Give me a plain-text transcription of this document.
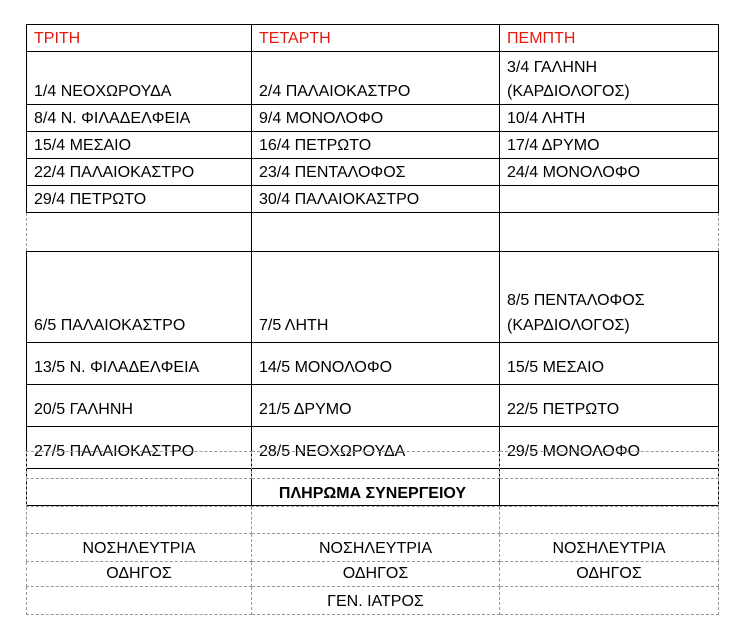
ΤΡΙΤΗ	ΤΕΤΑΡΤΗ	ΠΕΜΠΤΗ
1/4 ΝΕΟΧΩΡΟΥΔΑ	2/4 ΠΑΛΑΙΟΚΑΣΤΡΟ	3/4 ΓΑΛΗΝΗ
(ΚΑΡΔΙΟΛΟΓΟΣ)
8/4 Ν. ΦΙΛΑΔΕΛΦΕΙΑ	9/4 ΜΟΝΟΛΟΦΟ	10/4 ΛΗΤΗ
15/4 ΜΕΣΑΙΟ	16/4 ΠΕΤΡΩΤΟ	17/4 ΔΡΥΜΟ
22/4 ΠΑΛΑΙΟΚΑΣΤΡΟ	23/4 ΠΕΝΤΑΛΟΦΟΣ	24/4 ΜΟΝΟΛΟΦΟ
29/4 ΠΕΤΡΩΤΟ	30/4 ΠΑΛΑΙΟΚΑΣΤΡΟ	

6/5 ΠΑΛΑΙΟΚΑΣΤΡΟ	7/5 ΛΗΤΗ	8/5 ΠΕΝΤΑΛΟΦΟΣ
(ΚΑΡΔΙΟΛΟΓΟΣ)
13/5 Ν. ΦΙΛΑΔΕΛΦΕΙΑ	14/5 ΜΟΝΟΛΟΦΟ	15/5 ΜΕΣΑΙΟ
20/5 ΓΑΛΗΝΗ	21/5 ΔΡΥΜΟ	22/5 ΠΕΤΡΩΤΟ
27/5 ΠΑΛΑΙΟΚΑΣΤΡΟ	28/5 ΝΕΟΧΩΡΟΥΔΑ	29/5 ΜΟΝΟΛΟΦΟ

ΠΛΗΡΩΜΑ ΣΥΝΕΡΓΕΙΟΥ		

ΝΟΣΗΛΕΥΤΡΙΑ	ΝΟΣΗΛΕΥΤΡΙΑ	ΝΟΣΗΛΕΥΤΡΙΑ
ΟΔΗΓΟΣ	ΟΔΗΓΟΣ	ΟΔΗΓΟΣ
	ΓΕΝ. ΙΑΤΡΟΣ	
